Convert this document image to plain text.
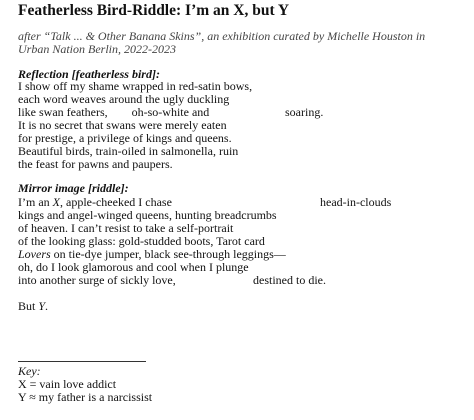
Featherless Bird-Riddle: I’m an X, but Y
after “Talk ... & Other Banana Skins”, an exhibition curated by Michelle Houston in Urban Nation Berlin, 2022-2023
Reflection [featherless bird]:
I show off my shame wrapped in red-satin bows,
each word weaves around the ugly duckling
like swan feathers,        oh-so-white and	soaring.
It is no secret that swans were merely eaten
for prestige, a privilege of kings and queens.
Beautiful birds, train-oiled in salmonella, ruin
the feast for pawns and paupers.
Mirror image [riddle]:
I’m an X, apple-cheeked I chase	head-in-clouds
kings and angel-winged queens, hunting breadcrumbs
of heaven. I can’t resist to take a self-portrait
of the looking glass: gold-studded boots, Tarot card
Lovers on tie-dye jumper, black see-through leggings—
oh, do I look glamorous and cool when I plunge
into another surge of sickly love,	destined to die.
But Y.
Key:
X = vain love addict
Y ≈ my father is a narcissist
